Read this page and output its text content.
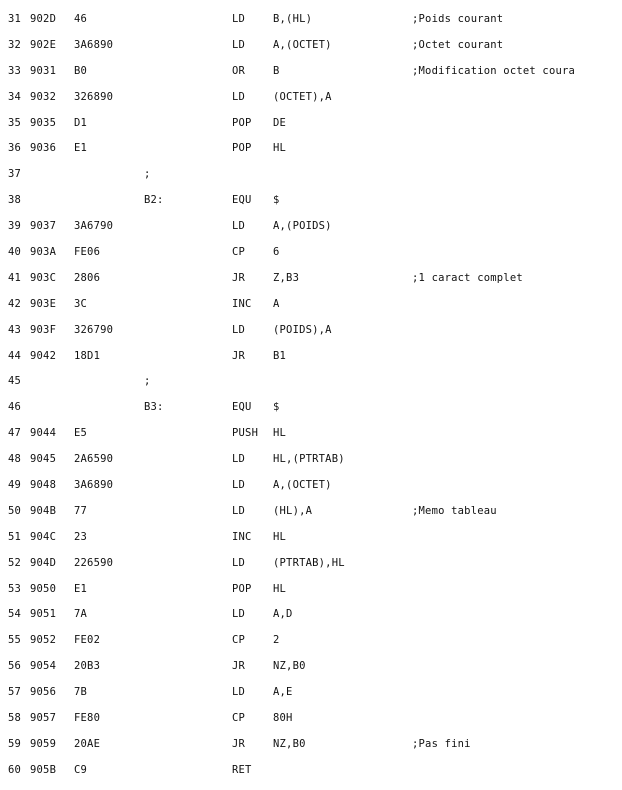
31 902D 46	LD	B,(HL)	;Poids courant
32 902E 3A6890	LD	A,(OCTET)	;Octet courant
33 9031 B0	OR	B	;Modification octet coura
34 9032 326890	LD	(OCTET),A
35 9035 D1	POP DE
36 9036 E1	POP HL
37	;
38	B2:	EQU $
39 9037 3A6790	LD	A,(POIDS)
40 903A FE06	CP	6
41 903C 2806	JR	Z,B3	;1 caract complet
42 903E 3C	INC A
43 903F 326790	LD	(POIDS),A
44 9042 18D1	JR	B1
45	;
46	B3:	EQU $
47 9044 E5	PUSH HL
48 9045 2A6590	LD	HL,(PTRTAB)
49 9048 3A6890	LD	A,(OCTET)
50 904B 77	LD	(HL),A	;Memo tableau
51 904C 23	INC HL
52 904D 226590	LD	(PTRTAB),HL
53 9050 E1	POP HL
54 9051 7A	LD	A,D
55 9052 FE02	CP	2
56 9054 20B3	JR	NZ,B0
57 9056 7B	LD	A,E
58 9057 FE80	CP	80H
59 9059 20AE	JR	NZ,B0	;Pas fini
60 905B C9	RET
